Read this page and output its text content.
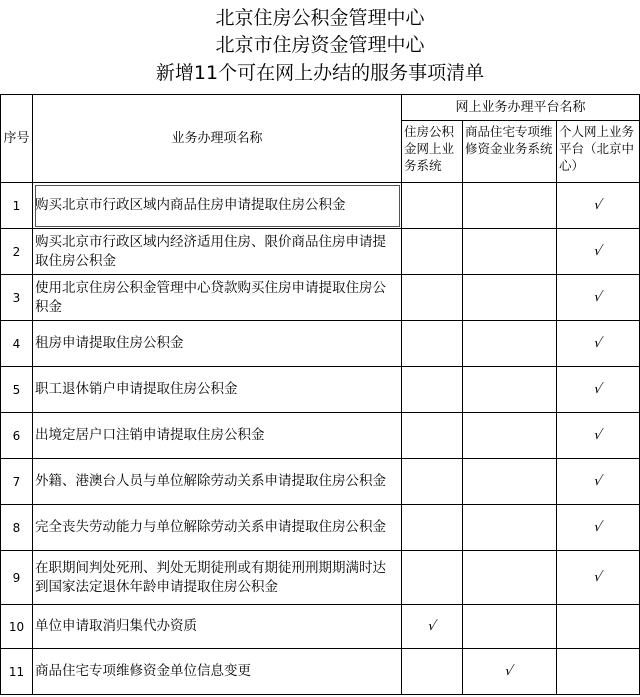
北京住房公积金管理中心
北京市住房资金管理中心
新增11个可在网上办结的服务事项清单
序号	业务办理项名称	网上业务办理平台名称		
		住房公积金网上业务系统	商品住宅专项维修资金业务系统	个人网上业务平台（北京中心）
1	购买北京市行政区域内商品住房申请提取住房公积金			√
2	购买北京市行政区域内经济适用住房、限价商品住房申请提取住房公积金			√
3	使用北京住房公积金管理中心贷款购买住房申请提取住房公积金			√
4	租房申请提取住房公积金			√
5	职工退休销户申请提取住房公积金			√
6	出境定居户口注销申请提取住房公积金			√
7	外籍、港澳台人员与单位解除劳动关系申请提取住房公积金			√
8	完全丧失劳动能力与单位解除劳动关系申请提取住房公积金			√
9	在职期间判处死刑、判处无期徒刑或有期徒刑刑期期满时达到国家法定退休年龄申请提取住房公积金			√
10	单位申请取消归集代办资质	√		
11	商品住宅专项维修资金单位信息变更		√	
